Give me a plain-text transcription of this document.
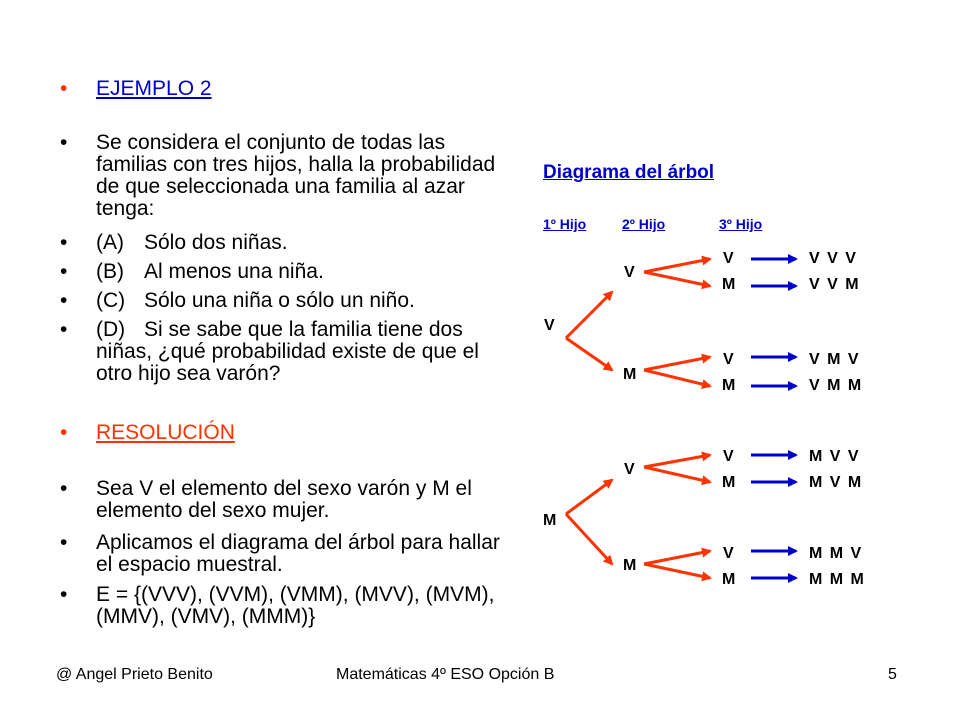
•	EJEMPLO 2
•	Se considera el conjunto de todas las familias con tres hijos, halla la probabilidad de que seleccionada una familia al azar tenga:
•	(A) Sólo dos niñas.
•	(B) Al menos una niña.
•	(C) Sólo una niña o sólo un niño.
•	(D) Si se sabe que la familia tiene dos niñas, ¿qué probabilidad existe de que el otro hijo sea varón?
•	RESOLUCIÓN
•	Sea V el elemento del sexo varón y M el elemento del sexo mujer.
•	Aplicamos el diagrama del árbol para hallar el espacio muestral.
•	E = {(VVV), (VVM), (VMM), (MVV), (MVM), (MMV), (VMV), (MMM)}
Diagrama del árbol
1º Hijo	2º Hijo	3º Hijo
V
M
V
M
V
M
V
M
V
M
V
M
V
M
V V V
V V M
V M V
V M M
M V V
M V M
M M V
M M M
@ Angel Prieto Benito	Matemáticas 4º ESO Opción B	5
